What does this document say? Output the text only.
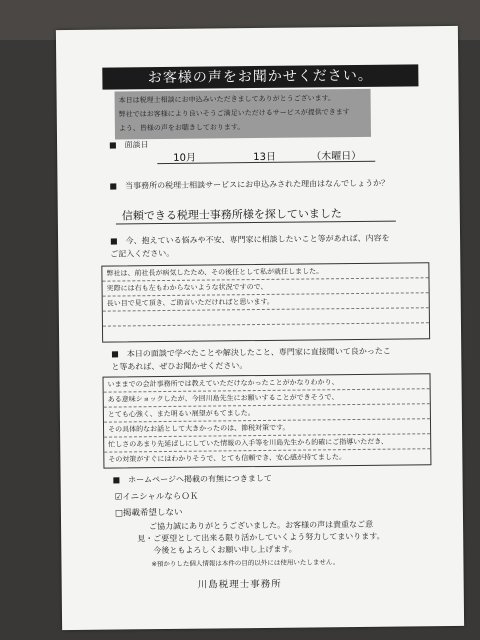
お客様の声をお聞かせください。
本日は税理士相談にお申込みいただきましてありがとうございます。
弊社ではお客様により良いそうご満足いただけるサービスが提供できます
よう、皆様の声をお聴きしております。
■　面談日
10月	13日	（木曜日）
■　当事務所の税理士相談サービスにお申込みされた理由はなんでしょうか？
信頼できる税理士事務所様を探していました
■　今、抱えている悩みや不安、専門家に相談したいこと等があれば、内容を
ご記入ください。
弊社は、前社長が病気したため、その後任として私が就任しました。
実際には右も左もわからないような状況ですので、
長い目で見て頂き、ご助言いただければと思います。
■　本日の面談で学べたことや解決したこと、専門家に直接聞いて良かったこ
と等あれば、ぜひお聞かせください。
いままでの会計事務所では教えていただけなかったことがかなりわかり、
ある意味ショックしたが、今回川島先生にお願いすることができそうで、
とても心強く、また明るい展望がもてました。
その具体的なお話として大きかったのは、節税対策です。
忙しさのあまり先延ばしにしていた情報の入手等を川島先生から的確にご指導いただき、
その対策がすぐにはわかりそうで、とても信頼でき、安心感が持てました。
■　ホームページへ掲載の有無につきまして
☑イニシャルならＯＫ
□掲載希望しない
ご協力誠にありがとうございました。お客様の声は貴重なご意
見・ご要望として出来る限り活かしていくよう努力してまいります。
今後ともよろしくお願い申し上げます。
※預かりした個人情報は本件の目的以外には使用いたしません。
川島税理士事務所
